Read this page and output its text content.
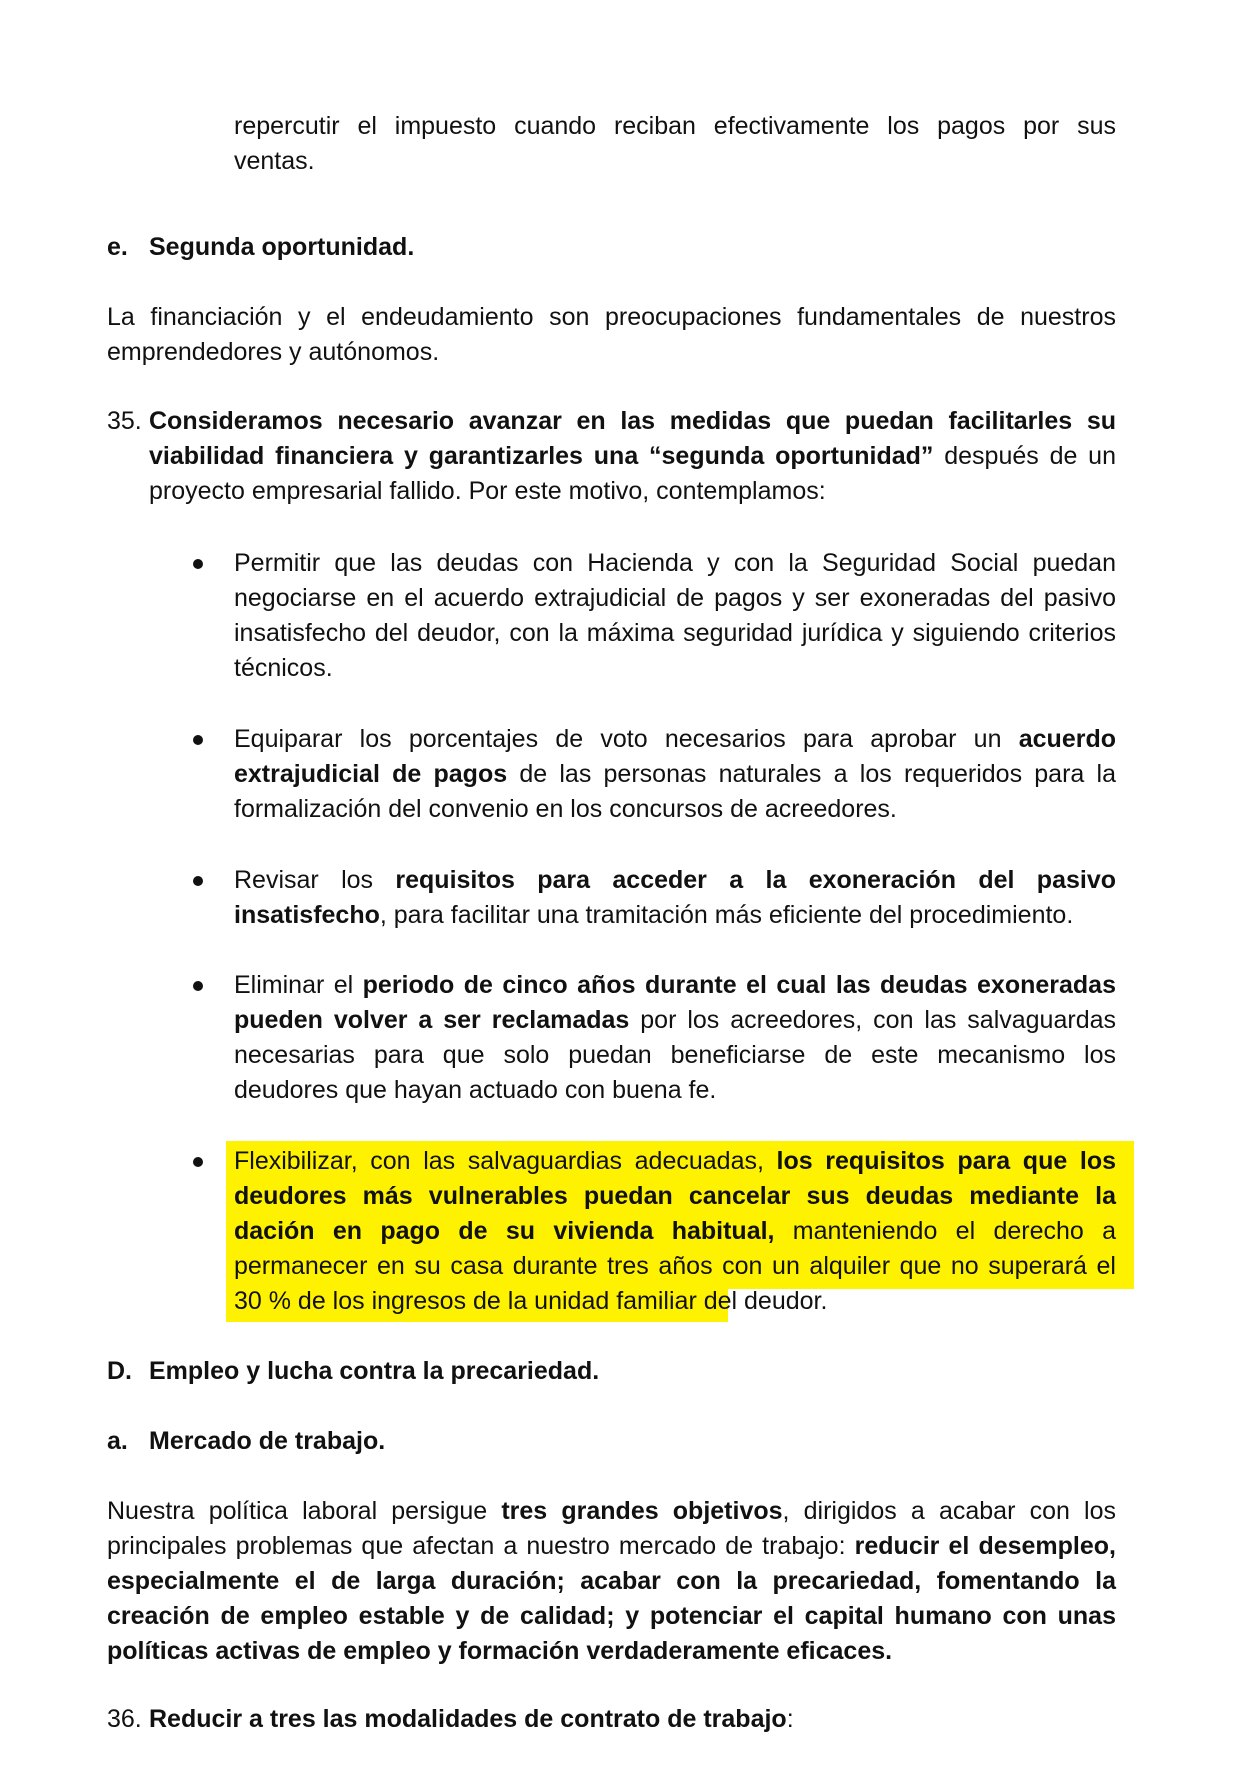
repercutir el impuesto cuando reciban efectivamente los pagos por sus
ventas.
e. Segunda oportunidad.
La financiación y el endeudamiento son preocupaciones fundamentales de nuestros emprendedores y autónomos.
35. Consideramos necesario avanzar en las medidas que puedan facilitarles su viabilidad financiera y garantizarles una “segunda oportunidad” después de un proyecto empresarial fallido. Por este motivo, contemplamos:
Permitir que las deudas con Hacienda y con la Seguridad Social puedan negociarse en el acuerdo extrajudicial de pagos y ser exoneradas del pasivo insatisfecho del deudor, con la máxima seguridad jurídica y siguiendo criterios técnicos.
Equiparar los porcentajes de voto necesarios para aprobar un acuerdo extrajudicial de pagos de las personas naturales a los requeridos para la formalización del convenio en los concursos de acreedores.
Revisar los requisitos para acceder a la exoneración del pasivo insatisfecho, para facilitar una tramitación más eficiente del procedimiento.
Eliminar el periodo de cinco años durante el cual las deudas exoneradas pueden volver a ser reclamadas por los acreedores, con las salvaguardas necesarias para que solo puedan beneficiarse de este mecanismo los deudores que hayan actuado con buena fe.
Flexibilizar, con las salvaguardias adecuadas, los requisitos para que los deudores más vulnerables puedan cancelar sus deudas mediante la dación en pago de su vivienda habitual, manteniendo el derecho a permanecer en su casa durante tres años con un alquiler que no superará el 30 % de los ingresos de la unidad familiar del deudor.
D. Empleo y lucha contra la precariedad.
a. Mercado de trabajo.
Nuestra política laboral persigue tres grandes objetivos, dirigidos a acabar con los principales problemas que afectan a nuestro mercado de trabajo: reducir el desempleo, especialmente el de larga duración; acabar con la precariedad, fomentando la creación de empleo estable y de calidad; y potenciar el capital humano con unas políticas activas de empleo y formación verdaderamente eficaces.
36. Reducir a tres las modalidades de contrato de trabajo:
